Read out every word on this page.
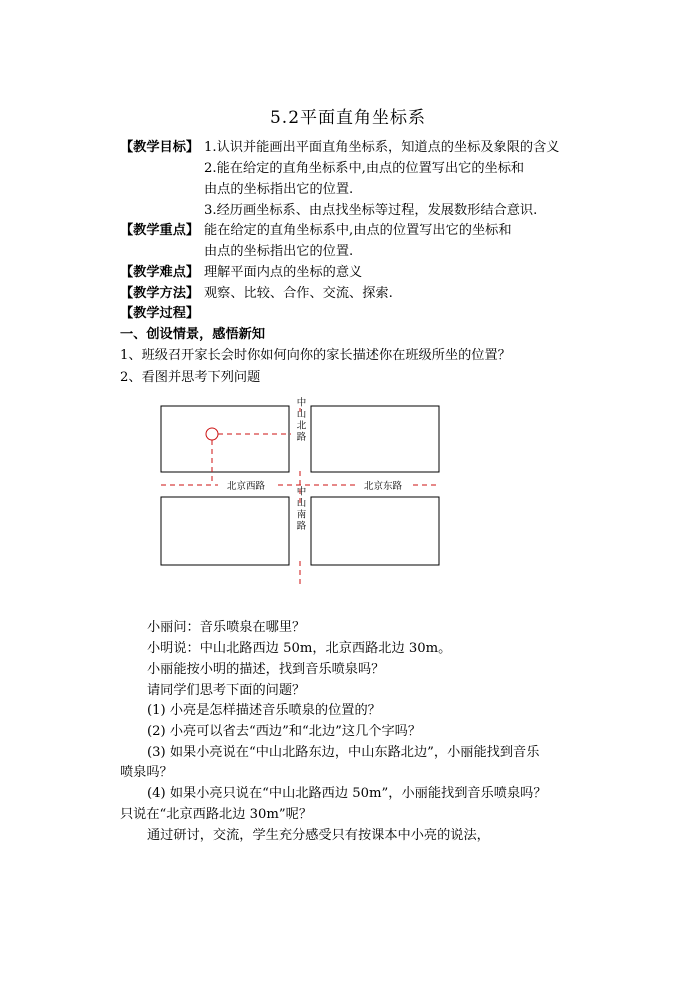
5.2平面直角坐标系
【教学目标】 1.认识并能画出平面直角坐标系，知道点的坐标及象限的含义
2.能在给定的直角坐标系中,由点的位置写出它的坐标和
由点的坐标指出它的位置.
3.经历画坐标系、由点找坐标等过程，发展数形结合意识.
【教学重点】 能在给定的直角坐标系中,由点的位置写出它的坐标和
由点的坐标指出它的位置.
【教学难点】 理解平面内点的坐标的意义
【教学方法】 观察、比较、合作、交流、探索.
【教学过程】
一、创设情景，感悟新知
1、班级召开家长会时你如何向你的家长描述你在班级所坐的位置？
2、看图并思考下列问题
中山北路
中山南路
北京西路	北京东路
小丽问：音乐喷泉在哪里？
小明说：中山北路西边 50m，北京西路北边 30m。
小丽能按小明的描述，找到音乐喷泉吗？
请同学们思考下面的问题？
(1) 小亮是怎样描述音乐喷泉的位置的？
(2) 小亮可以省去“西边”和“北边”这几个字吗？
(3) 如果小亮说在“中山北路东边，中山东路北边”，小丽能找到音乐
喷泉吗？
(4) 如果小亮只说在“中山北路西边 50m”，小丽能找到音乐喷泉吗？
只说在“北京西路北边 30m”呢？
通过研讨，交流，学生充分感受只有按课本中小亮的说法，
